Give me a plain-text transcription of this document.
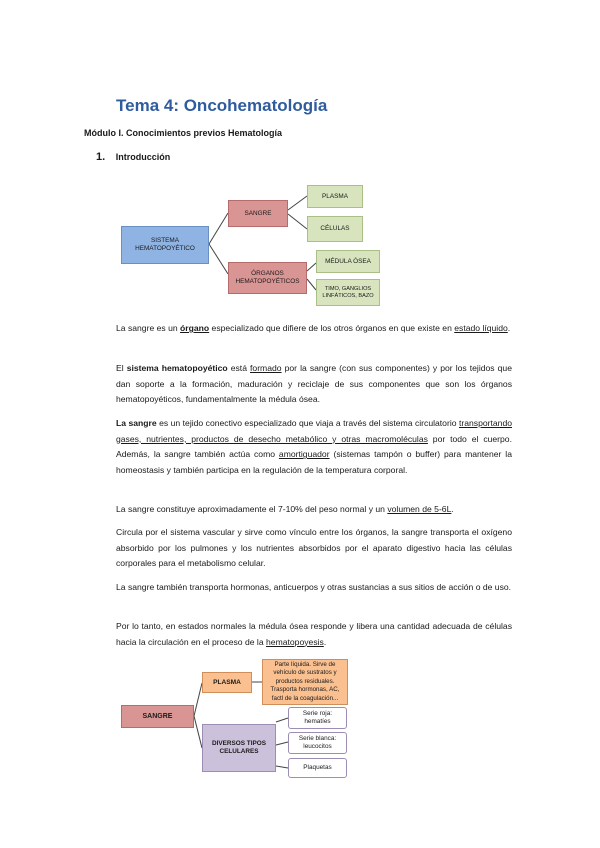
Tema 4: Oncohematología
Módulo I. Conocimientos previos Hematología
1. Introducción
SISTEMA HEMATOPOYÉTICO
SANGRE
ÓRGANOS HEMATOPOYÉTICOS
PLASMA
CÉLULAS
MÉDULA ÓSEA
TIMO, GANGLIOS LINFÁTICOS, BAZO

La sangre es un órgano especializado que difiere de los otros órganos en que existe en estado líquido.

El sistema hematopoyético está formado por la sangre (con sus componentes) y por los tejidos que dan soporte a la formación, maduración y reciclaje de sus componentes que son los órganos hematopoyéticos, fundamentalmente la médula ósea.

La sangre es un tejido conectivo especializado que viaja a través del sistema circulatorio transportando gases, nutrientes, productos de desecho metabólico y otras macromoléculas por todo el cuerpo. Además, la sangre también actúa como amortiguador (sistemas tampón o buffer) para mantener la homeostasis y también participa en la regulación de la temperatura corporal.

La sangre constituye aproximadamente el 7-10% del peso normal y un volumen de 5-6L.

Circula por el sistema vascular y sirve como vínculo entre los órganos, la sangre transporta el oxígeno absorbido por los pulmones y los nutrientes absorbidos por el aparato digestivo hacia las células corporales para el metabolismo celular.

La sangre también transporta hormonas, anticuerpos y otras sustancias a sus sitios de acción o de uso.

Por lo tanto, en estados normales la médula ósea responde y libera una cantidad adecuada de células hacia la circulación en el proceso de la hematopoyesis.

SANGRE
PLASMA
Parte líquida. Sirve de vehículo de sustratos y productos residuales. Trasporta hormonas, AC, factl de la coagulación...
DIVERSOS TIPOS CELULARES
Serie roja: hematíes
Serie blanca: leucocitos
Plaquetas
